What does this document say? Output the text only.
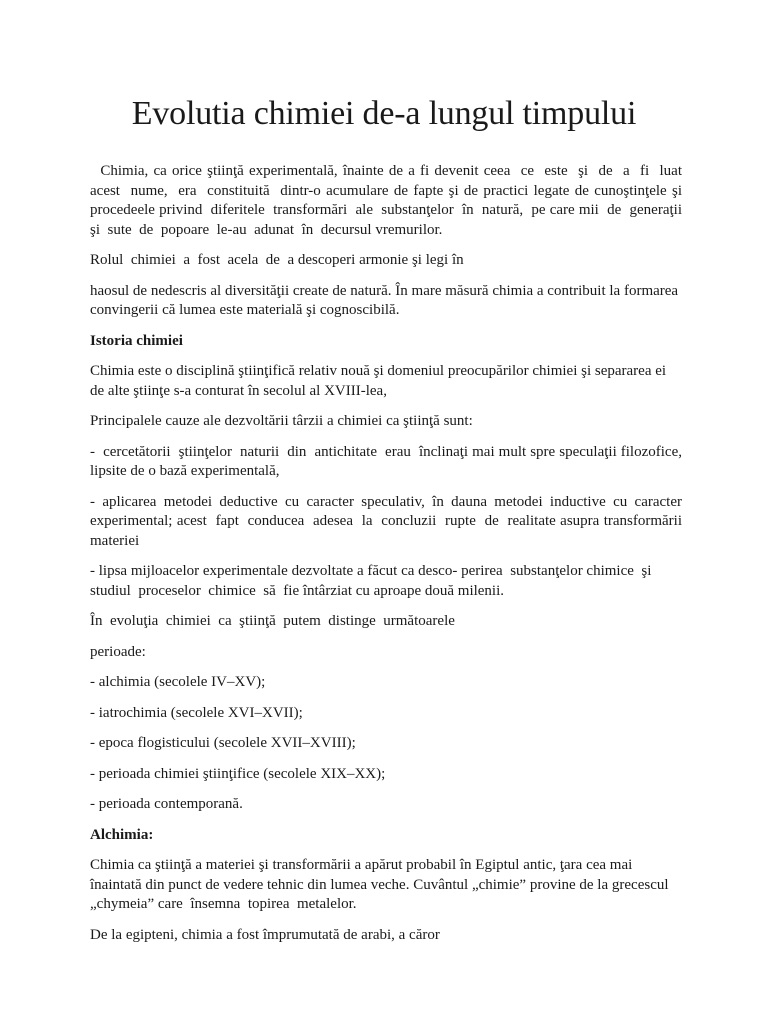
Evolutia chimiei de-a lungul timpului

Chimia, ca orice ştiinţă experimentală, înainte de a fi devenit ceea  ce  este  şi  de  a  fi  luat  acest  nume,  era  constituită  dintr-o acumulare de fapte şi de practici legate de cunoştinţele şi procedeele privind  diferitele  transformări  ale  substanţelor  în  natură,  pe care mii  de  generaţii  şi  sute  de  popoare  le-au  adunat  în  decursul vremurilor.

Rolul  chimiei  a  fost  acela  de  a descoperi armonie şi legi în

haosul de nedescris al diversităţii create de natură. În mare măsură chimia a contribuit la formarea convingerii că lumea este materială şi cognoscibilă.

Istoria chimiei

Chimia este o disciplină ştiinţifică relativ nouă şi domeniul preocupărilor chimiei şi separarea ei de alte ştiinţe s-a conturat în secolul al XVIII-lea,

Principalele cauze ale dezvoltării târzii a chimiei ca ştiinţă sunt:

-  cercetătorii  ştiinţelor  naturii  din  antichitate  erau  înclinaţi mai mult spre speculaţii filozofice, lipsite de o bază experimentală,

- aplicarea metodei deductive cu caracter speculativ, în dauna metodei inductive cu caracter experimental; acest  fapt  conducea  adesea  la  concluzii  rupte  de  realitate asupra transformării  materiei

- lipsa mijloacelor experimentale dezvoltate a făcut ca desco- perirea  substanţelor chimice  şi  studiul  proceselor  chimice  să  fie întârziat cu aproape două milenii.

În  evoluţia  chimiei  ca  ştiinţă  putem  distinge  următoarele

perioade:

- alchimia (secolele IV–XV);

- iatrochimia (secolele XVI–XVII);

- epoca flogisticului (secolele XVII–XVIII);

- perioada chimiei ştiinţifice (secolele XIX–XX);

- perioada contemporană.

Alchimia:

Chimia ca ştiinţă a materiei şi transformării a apărut probabil în Egiptul antic, ţara cea mai înaintată din punct de vedere tehnic din lumea veche. Cuvântul „chimie” provine de la grecescul „chymeia” care  însemna  topirea  metalelor.

De la egipteni, chimia a fost împrumutată de arabi, a căror
